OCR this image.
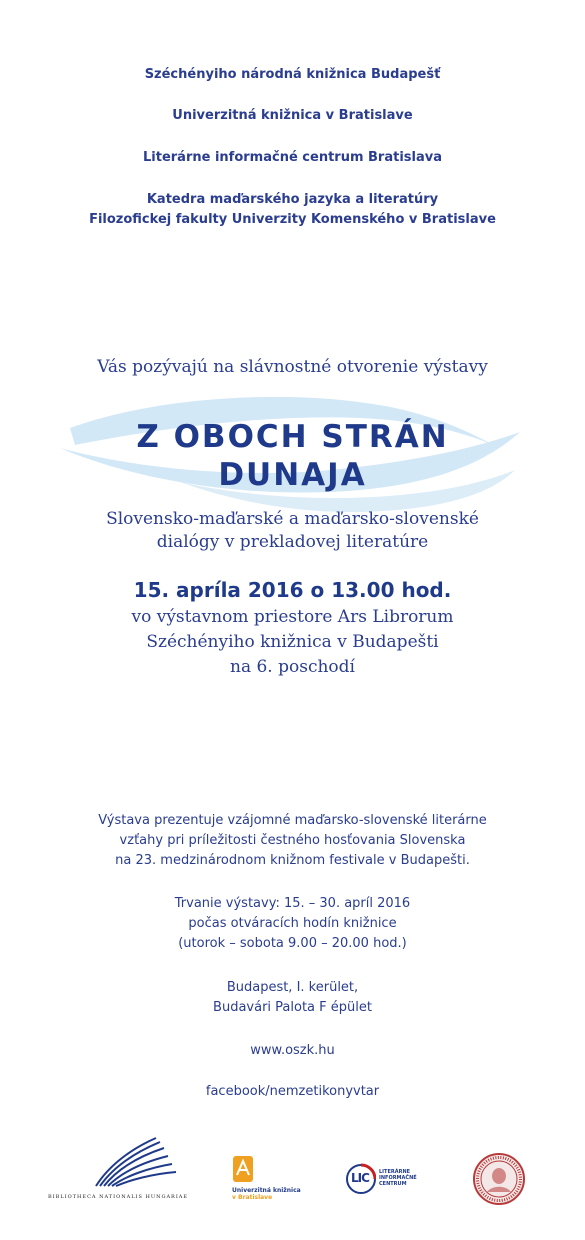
Széchényiho národná knižnica Budapešť
Univerzitná knižnica v Bratislave
Literárne informačné centrum Bratislava
Katedra maďarského jazyka a literatúry
Filozofickej fakulty Univerzity Komenského v Bratislave
Vás pozývajú na slávnostné otvorenie výstavy
Z OBOCH STRÁN
DUNAJA
Slovensko-maďarské a maďarsko-slovenské
dialógy v prekladovej literatúre
15. apríla 2016 o 13.00 hod.
vo výstavnom priestore Ars Librorum
Széchényiho knižnica v Budapešti
na 6. poschodí
Výstava prezentuje vzájomné maďarsko-slovenské literárne
vzťahy pri príležitosti čestného hosťovania Slovenska
na 23. medzinárodnom knižnom festivale v Budapešti.
Trvanie výstavy: 15. – 30. apríl 2016
počas otváracích hodín knižnice
(utorok – sobota 9.00 – 20.00 hod.)
Budapest, I. kerület,
Budavári Palota F épület
www.oszk.hu
facebook/nemzetikonyvtar
BIBLIOTHECA NATIONALIS HUNGARIAE
Univerzitná knižnica
v Bratislave
LIC LITERÁRNE
INFORMAČNÉ
CENTRUM
